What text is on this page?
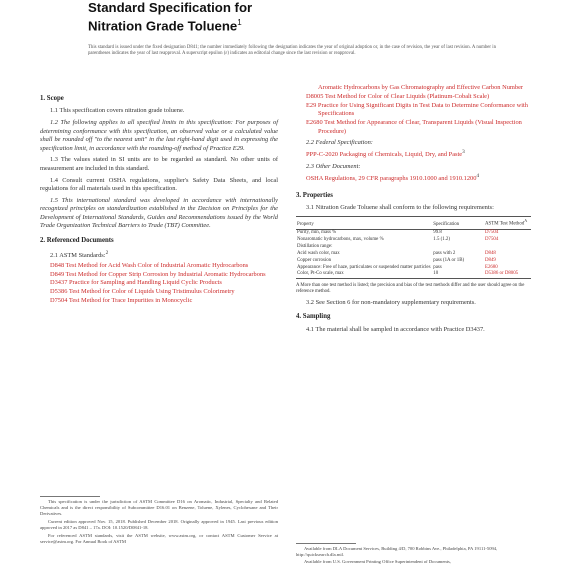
Standard Specification for
Nitration Grade Toluene$^1$
This standard is issued under the fixed designation D841; the number immediately following the designation indicates the year of original adoption or, in the case of revision, the year of last revision. A number in parentheses indicates the year of last reapproval. A superscript epsilon (ε) indicates an editorial change since the last revision or reapproval.
1. Scope

1.1 This specification covers nitration grade toluene.

1.2 The following applies to all specified limits in this specification: For purposes of determining conformance with this specification, an observed value or a calculated value shall be rounded off "to the nearest unit" in the last right-hand digit used in expressing the specification limit, in accordance with the rounding-off method of Practice E29.

1.3 The values stated in SI units are to be regarded as standard. No other units of measurement are included in this standard.

1.4 Consult current OSHA regulations, supplier's Safety Data Sheets, and local regulations for all materials used in this specification.

1.5 This international standard was developed in accordance with internationally recognized principles on standardization established in the Decision on Principles for the Development of International Standards, Guides and Recommendations issued by the World Trade Organization Technical Barriers to Trade (TBT) Committee.

2. Referenced Documents
2.1 ASTM Standards:$^2$
D848 Test Method for Acid Wash Color of Industrial Aromatic Hydrocarbons
D849 Test Method for Copper Strip Corrosion by Industrial Aromatic Hydrocarbons
D3437 Practice for Sampling and Handling Liquid Cyclic Products
D5386 Test Method for Color of Liquids Using Tristimulus Colorimetry
D7504 Test Method for Trace Impurities in Monocyclic

This specification is under the jurisdiction of ASTM Committee D16 on Aromatic, Industrial, Specialty and Related Chemicals and is the direct responsibility of Subcommittee D16.01 on Benzene, Toluene, Xylenes, Cyclohexane and Their Derivatives.

Current edition approved Nov. 15, 2018. Published December 2018. Originally approved in 1945. Last previous edition approved in 2017 as D841 – 17a. DOI: 10.1520/D0841-18.

For referenced ASTM standards, visit the ASTM website, www.astm.org, or contact ASTM Customer Service at service@astm.org. For Annual Book of ASTM

Aromatic Hydrocarbons by Gas Chromatography and Effective Carbon Number
D8005 Test Method for Color of Clear Liquids (Platinum-Cobalt Scale)
E29 Practice for Using Significant Digits in Test Data to Determine Conformance with Specifications
E2680 Test Method for Appearance of Clear, Transparent Liquids (Visual Inspection Procedure)
2.2 Federal Specification:
PPP-C-2020 Packaging of Chemicals, Liquid, Dry, and Paste$^3$
2.3 Other Document:
OSHA Regulations, 29 CFR paragraphs 1910.1000 and 1910.1200$^4$
3. Properties

3.1 Nitration Grade Toluene shall conform to the following requirements:

Property	Specification	ASTM Test Method$^A$
Purity, min, mass %	99.8	D7504
Nonaromatic hydrocarbons, max, volume %	1.5 (1.2)	D7504
Distillation range:		
Acid wash color, max	pass with 2	D848
Copper corrosion	pass (1A or 1B)	D849
Appearance: Free of haze, particulates or suspended matter particles	pass	E2680
Color, Pt-Co scale, max	10	D5386 or D8005

A More than one test method is listed; the precision and bias of the test methods differ and the user should agree on the reference method.

3.2 See Section 6 for non-mandatory supplementary requirements.

4. Sampling

4.1 The material shall be sampled in accordance with Practice D3437.

Available from DLA Document Services, Building 4/D, 700 Robbins Ave., Philadelphia, PA 19111-5094, http://quicksearch.dla.mil.

Available from U.S. Government Printing Office Superintendent of Documents,
